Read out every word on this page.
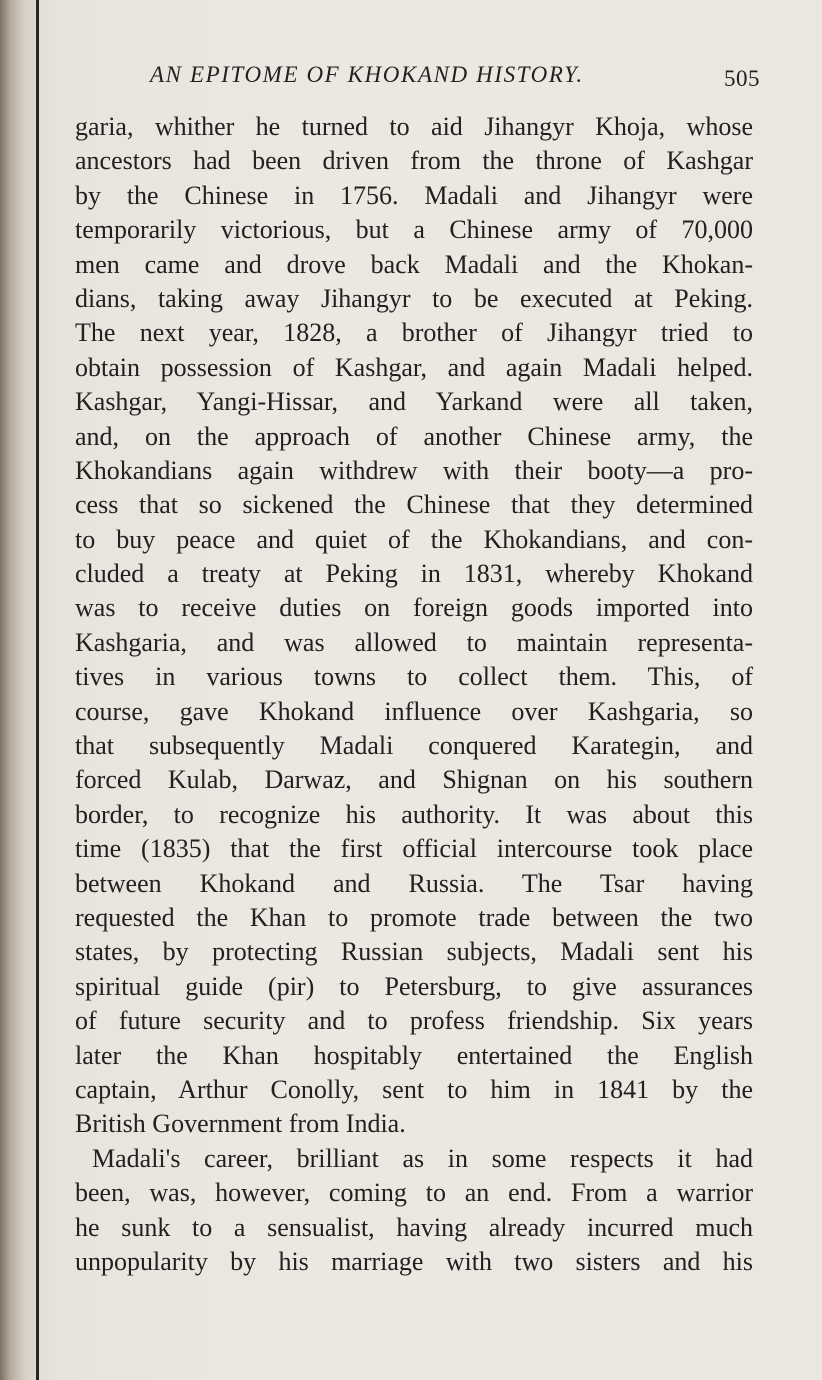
AN EPITOME OF KHOKAND HISTORY.	505
garia, whither he turned to aid Jihangyr Khoja, whose
ancestors had been driven from the throne of Kashgar
by the Chinese in 1756. Madali and Jihangyr were
temporarily victorious, but a Chinese army of 70,000
men came and drove back Madali and the Khokan-
dians, taking away Jihangyr to be executed at Peking.
The next year, 1828, a brother of Jihangyr tried to
obtain possession of Kashgar, and again Madali helped.
Kashgar, Yangi-Hissar, and Yarkand were all taken,
and, on the approach of another Chinese army, the
Khokandians again withdrew with their booty—a pro-
cess that so sickened the Chinese that they determined
to buy peace and quiet of the Khokandians, and con-
cluded a treaty at Peking in 1831, whereby Khokand
was to receive duties on foreign goods imported into
Kashgaria, and was allowed to maintain representa-
tives in various towns to collect them. This, of
course, gave Khokand influence over Kashgaria, so
that subsequently Madali conquered Karategin, and
forced Kulab, Darwaz, and Shignan on his southern
border, to recognize his authority. It was about this
time (1835) that the first official intercourse took place
between Khokand and Russia. The Tsar having
requested the Khan to promote trade between the two
states, by protecting Russian subjects, Madali sent his
spiritual guide (pir) to Petersburg, to give assurances
of future security and to profess friendship. Six years
later the Khan hospitably entertained the English
captain, Arthur Conolly, sent to him in 1841 by the
British Government from India.
Madali's career, brilliant as in some respects it had
been, was, however, coming to an end. From a warrior
he sunk to a sensualist, having already incurred much
unpopularity by his marriage with two sisters and his
